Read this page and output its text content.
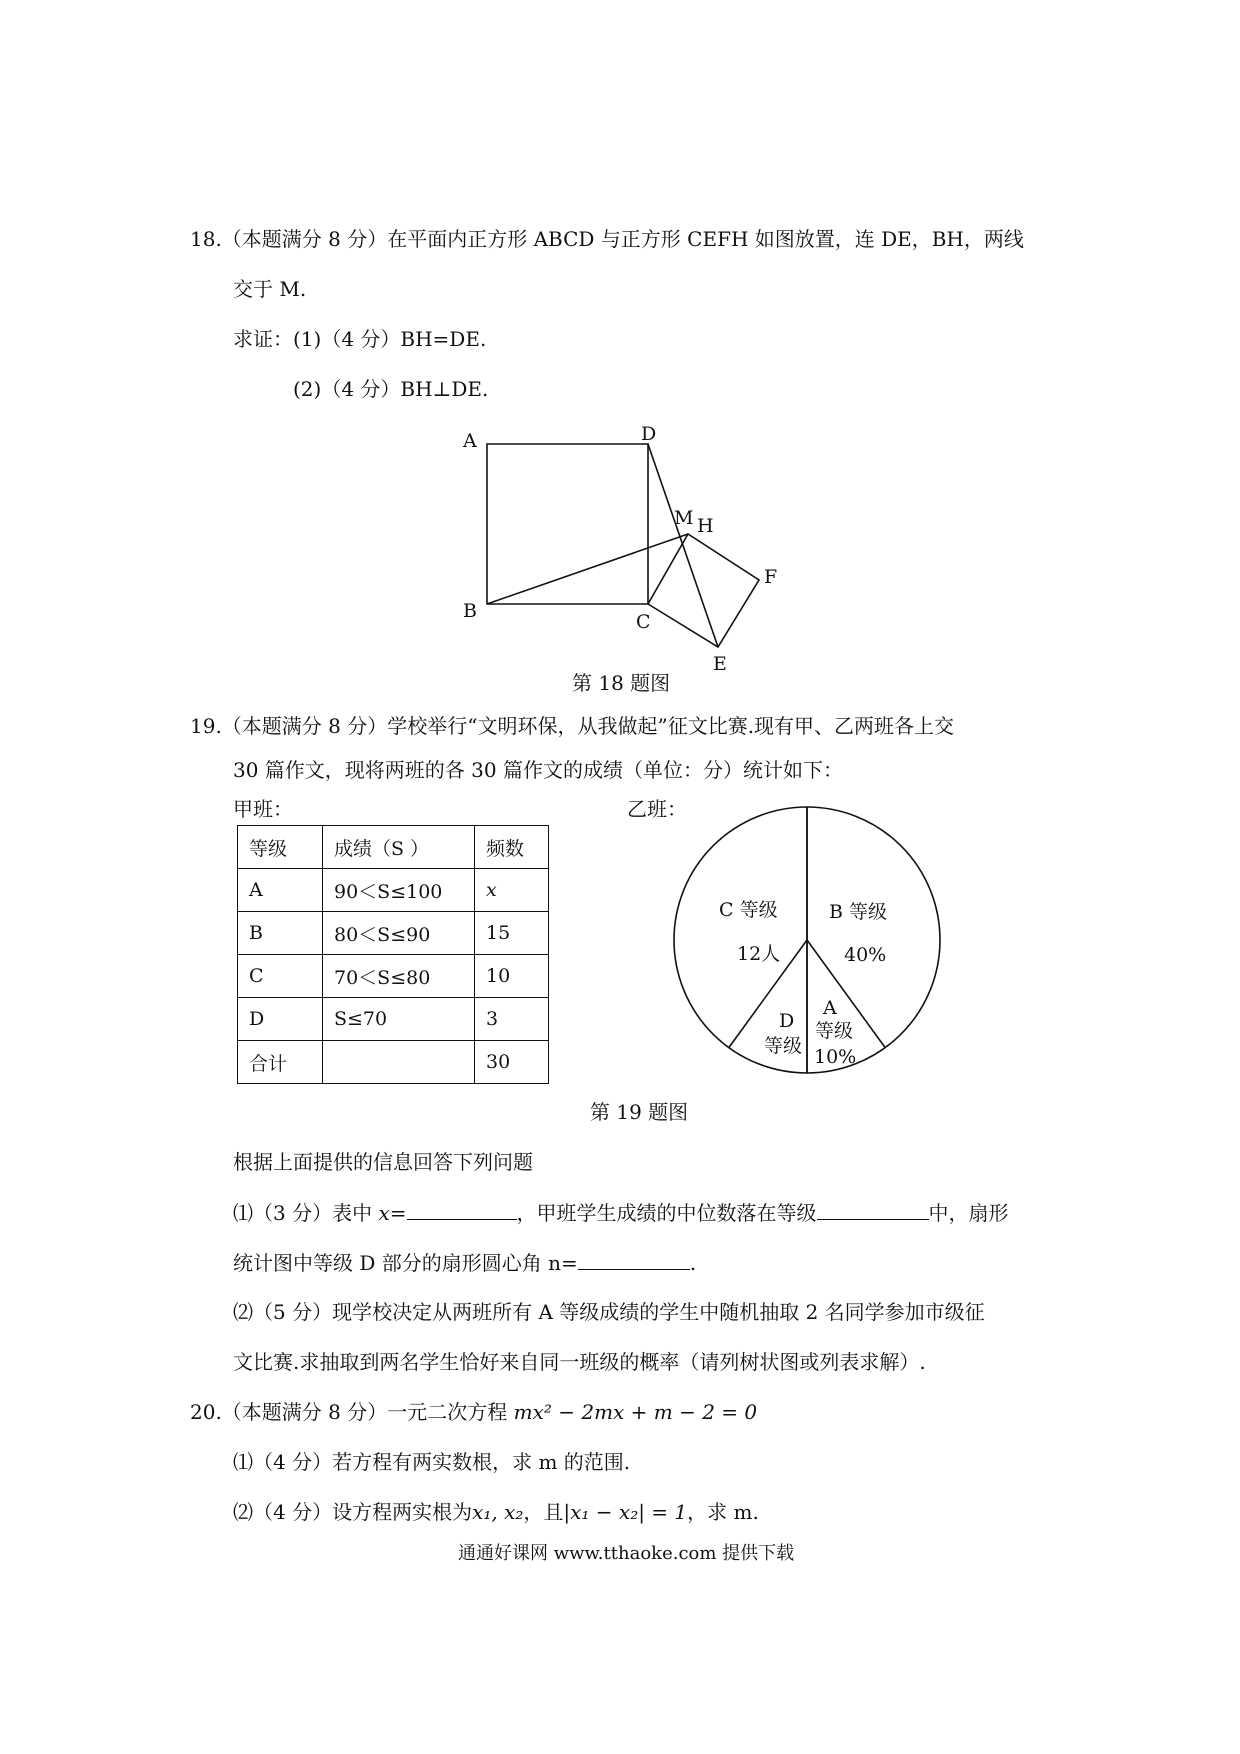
18.（本题满分 8 分）在平面内正方形 ABCD 与正方形 CEFH 如图放置，连 DE，BH，两线
交于 M.
求证：(1)（4 分）BH=DE.
(2)（4 分）BH⊥DE.
A	D
M H
F
B	C
E
第 18 题图
19.（本题满分 8 分）学校举行“文明环保，从我做起”征文比赛.现有甲、乙两班各上交
30 篇作文，现将两班的各 30 篇作文的成绩（单位：分）统计如下：
甲班：	乙班：
等级	成绩（S ）	频数
A	90＜S≤100	x
B	80＜S≤90	15
C	70＜S≤80	10
D	S≤70	3
合计		30
C 等级
12人
B 等级
40%
A
等级
10%
D
等级
第 19 题图
根据上面提供的信息回答下列问题
⑴（3 分）表中 x=	，甲班学生成绩的中位数落在等级	中，扇形
统计图中等级 D 部分的扇形圆心角 n=	.
⑵（5 分）现学校决定从两班所有 A 等级成绩的学生中随机抽取 2 名同学参加市级征
文比赛.求抽取到两名学生恰好来自同一班级的概率（请列树状图或列表求解）.
20.（本题满分 8 分）一元二次方程 mx² − 2mx + m − 2 = 0
⑴（4 分）若方程有两实数根，求 m 的范围.
⑵（4 分）设方程两实根为x₁, x₂，且|x₁ − x₂| = 1，求 m.
通通好课网 www.tthaoke.com 提供下载
